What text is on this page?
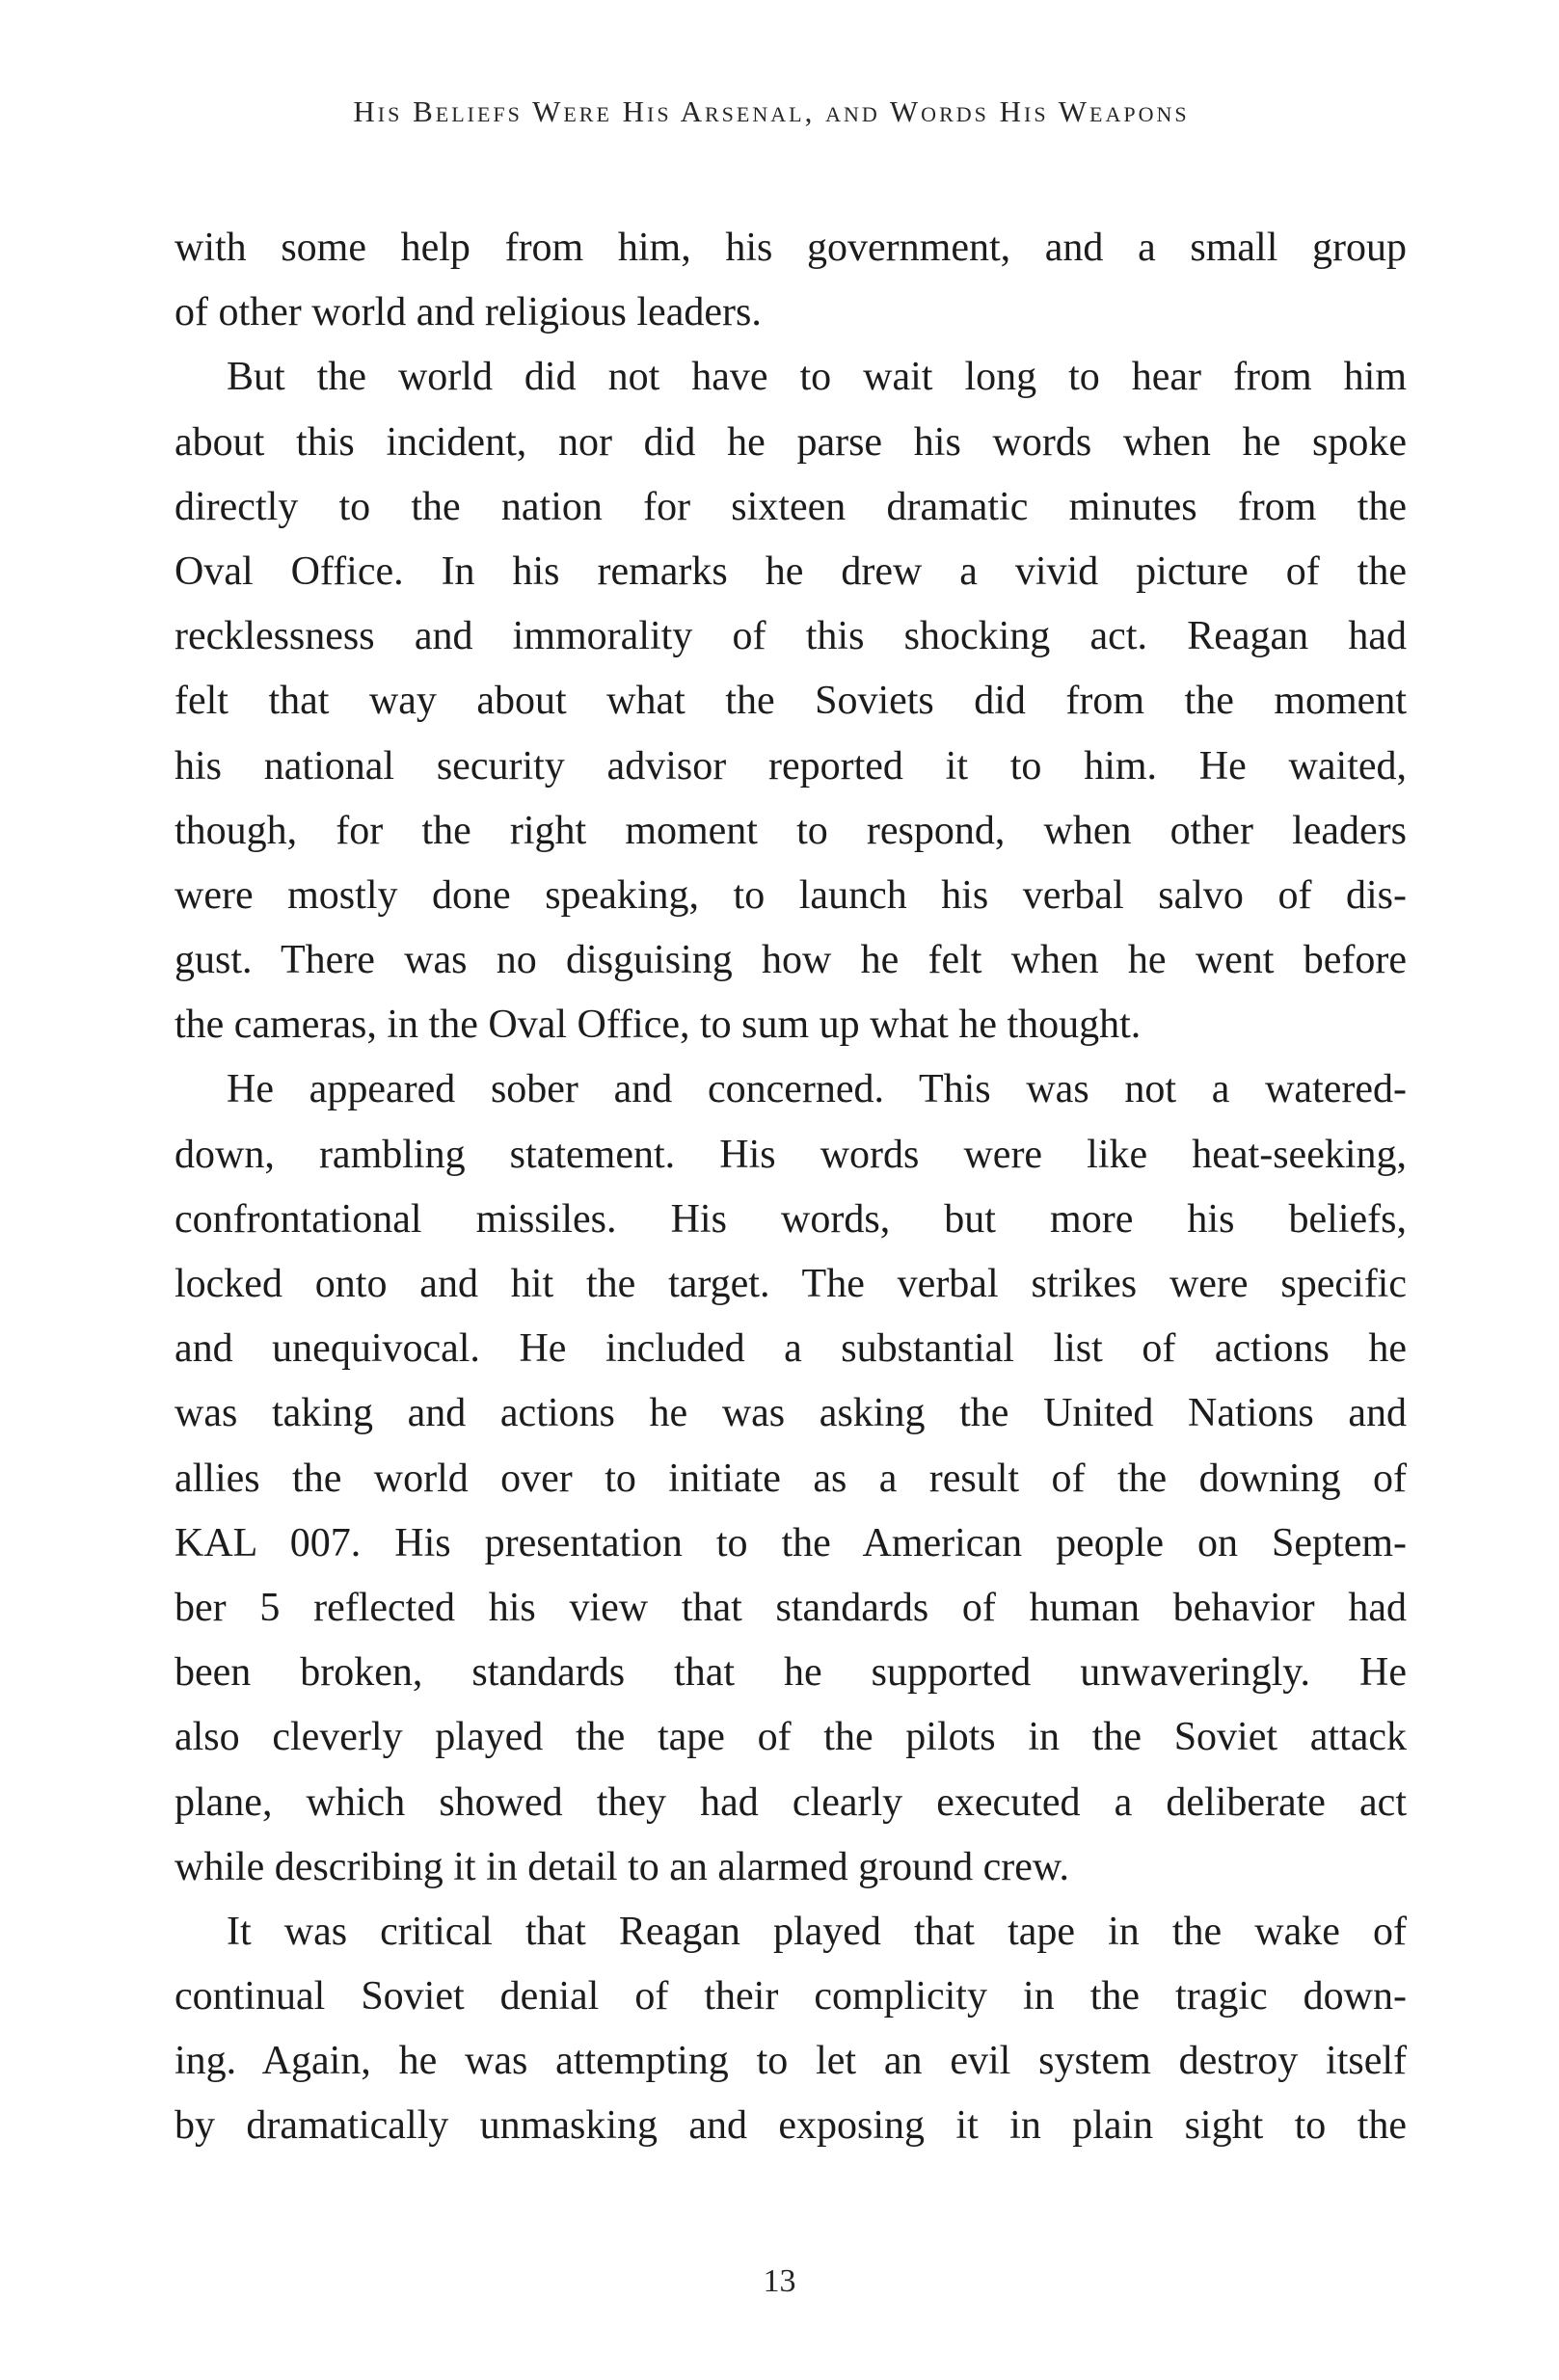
His Beliefs Were His Arsenal, and Words His Weapons
with some help from him, his government, and a small group
of other world and religious leaders.
But the world did not have to wait long to hear from him
about this incident, nor did he parse his words when he spoke
directly to the nation for sixteen dramatic minutes from the
Oval Office. In his remarks he drew a vivid picture of the
recklessness and immorality of this shocking act. Reagan had
felt that way about what the Soviets did from the moment
his national security advisor reported it to him. He waited,
though, for the right moment to respond, when other leaders
were mostly done speaking, to launch his verbal salvo of dis-
gust. There was no disguising how he felt when he went before
the cameras, in the Oval Office, to sum up what he thought.
He appeared sober and concerned. This was not a watered-
down, rambling statement. His words were like heat-seeking,
confrontational missiles. His words, but more his beliefs,
locked onto and hit the target. The verbal strikes were specific
and unequivocal. He included a substantial list of actions he
was taking and actions he was asking the United Nations and
allies the world over to initiate as a result of the downing of
KAL 007. His presentation to the American people on Septem-
ber 5 reflected his view that standards of human behavior had
been broken, standards that he supported unwaveringly. He
also cleverly played the tape of the pilots in the Soviet attack
plane, which showed they had clearly executed a deliberate act
while describing it in detail to an alarmed ground crew.
It was critical that Reagan played that tape in the wake of
continual Soviet denial of their complicity in the tragic down-
ing. Again, he was attempting to let an evil system destroy itself
by dramatically unmasking and exposing it in plain sight to the
13
